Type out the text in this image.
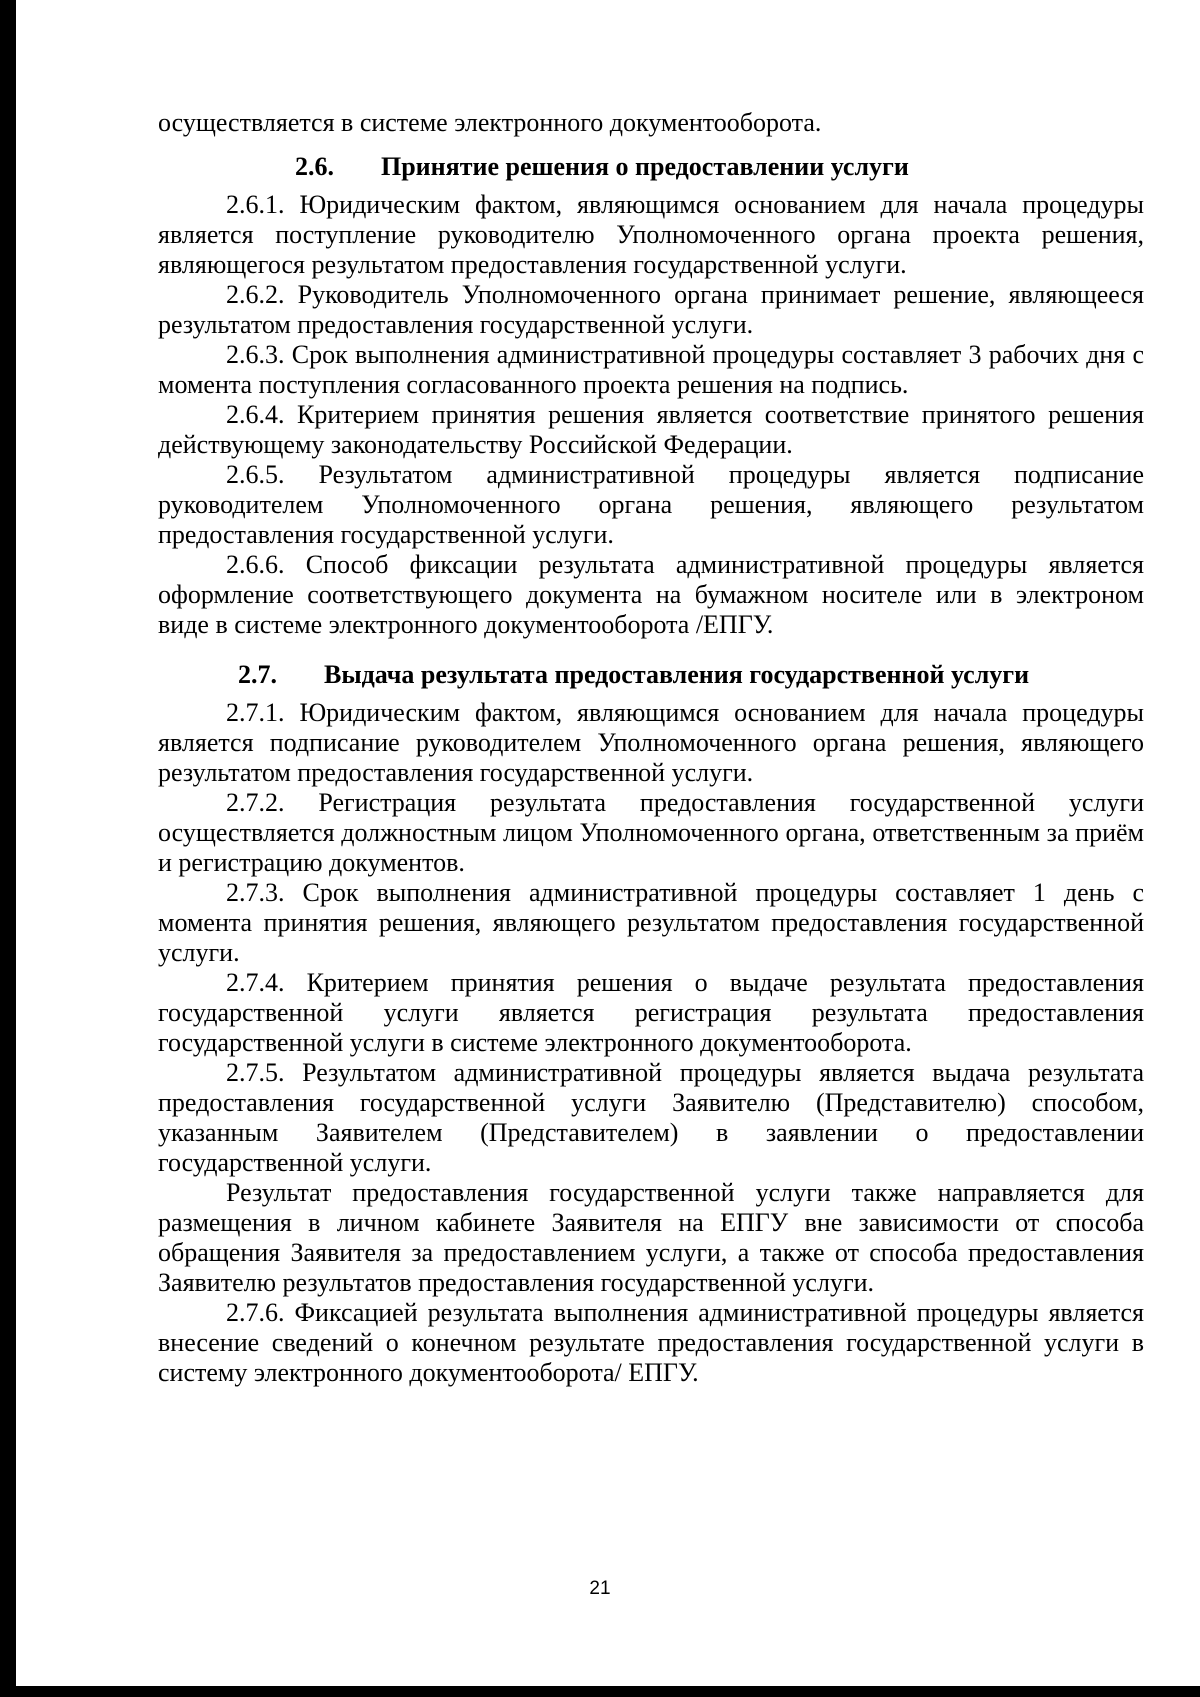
осуществляется в системе электронного документооборота.

2.6.	Принятие решения о предоставлении услуги

2.6.1. Юридическим фактом, являющимся основанием для начала процедуры является поступление руководителю Уполномоченного органа проекта решения, являющегося результатом предоставления государственной услуги.

2.6.2. Руководитель Уполномоченного органа принимает решение, являющееся результатом предоставления государственной услуги.

2.6.3. Срок выполнения административной процедуры составляет 3 рабочих дня с момента поступления согласованного проекта решения на подпись.

2.6.4. Критерием принятия решения является соответствие принятого решения действующему законодательству Российской Федерации.

2.6.5. Результатом административной процедуры является подписание руководителем Уполномоченного органа решения, являющего результатом предоставления государственной услуги.

2.6.6. Способ фиксации результата административной процедуры является оформление соответствующего документа на бумажном носителе или в электроном виде в системе электронного документооборота /ЕПГУ.

2.7.	Выдача результата предоставления государственной услуги

2.7.1. Юридическим фактом, являющимся основанием для начала процедуры является подписание руководителем Уполномоченного органа решения, являющего результатом предоставления государственной услуги.

2.7.2. Регистрация результата предоставления государственной услуги осуществляется должностным лицом Уполномоченного органа, ответственным за приём и регистрацию документов.

2.7.3. Срок выполнения административной процедуры составляет 1 день с момента принятия решения, являющего результатом предоставления государственной услуги.

2.7.4. Критерием принятия решения о выдаче результата предоставления государственной услуги является регистрация результата предоставления государственной услуги в системе электронного документооборота.

2.7.5. Результатом административной процедуры является выдача результата предоставления государственной услуги Заявителю (Представителю) способом, указанным Заявителем (Представителем) в заявлении о предоставлении государственной услуги.

Результат предоставления государственной услуги также направляется для размещения в личном кабинете Заявителя на ЕПГУ вне зависимости от способа обращения Заявителя за предоставлением услуги, а также от способа предоставления Заявителю результатов предоставления государственной услуги.

2.7.6. Фиксацией результата выполнения административной процедуры является внесение сведений о конечном результате предоставления государственной услуги в систему электронного документооборота/ ЕПГУ.

21
